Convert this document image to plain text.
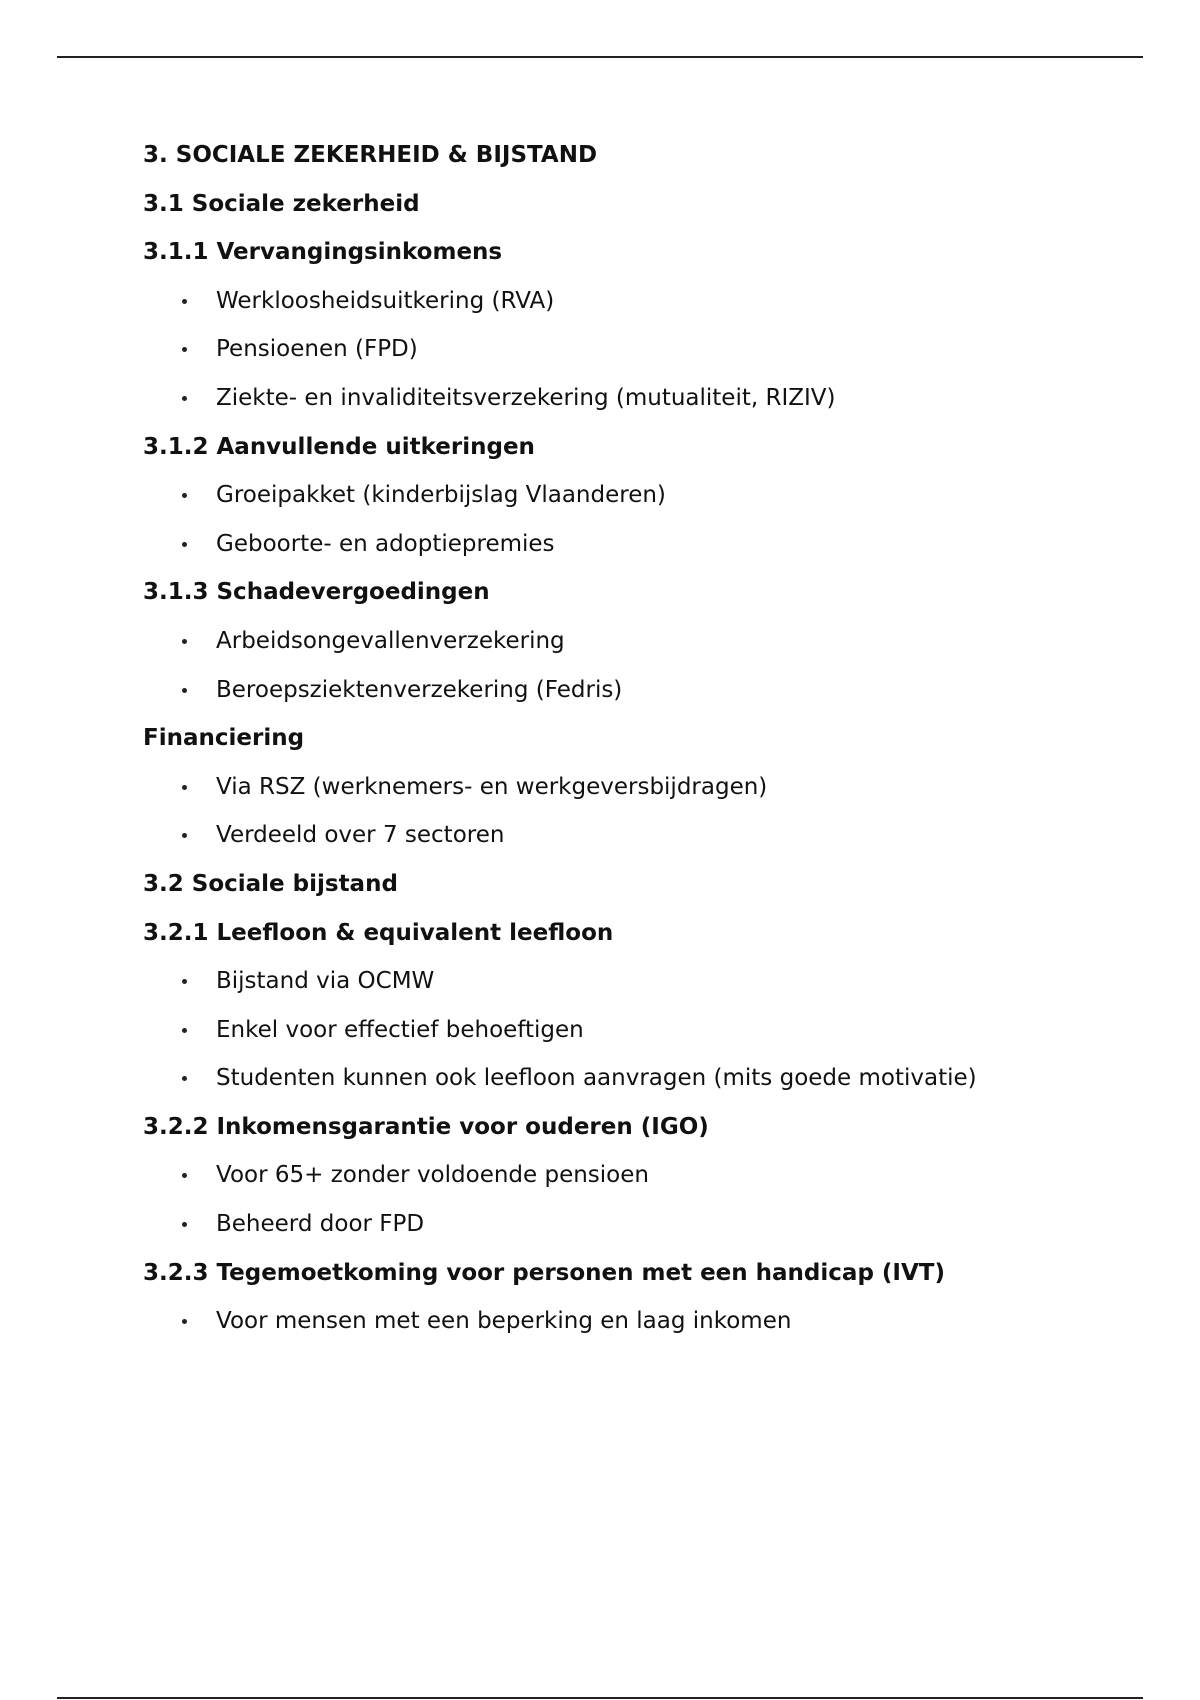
3. SOCIALE ZEKERHEID & BIJSTAND
3.1 Sociale zekerheid
3.1.1 Vervangingsinkomens
Werkloosheidsuitkering (RVA)
Pensioenen (FPD)
Ziekte- en invaliditeitsverzekering (mutualiteit, RIZIV)
3.1.2 Aanvullende uitkeringen
Groeipakket (kinderbijslag Vlaanderen)
Geboorte- en adoptiepremies
3.1.3 Schadevergoedingen
Arbeidsongevallenverzekering
Beroepsziektenverzekering (Fedris)
Financiering
Via RSZ (werknemers- en werkgeversbijdragen)
Verdeeld over 7 sectoren
3.2 Sociale bijstand
3.2.1 Leefloon & equivalent leefloon
Bijstand via OCMW
Enkel voor effectief behoeftigen
Studenten kunnen ook leefloon aanvragen (mits goede motivatie)
3.2.2 Inkomensgarantie voor ouderen (IGO)
Voor 65+ zonder voldoende pensioen
Beheerd door FPD
3.2.3 Tegemoetkoming voor personen met een handicap (IVT)
Voor mensen met een beperking en laag inkomen
